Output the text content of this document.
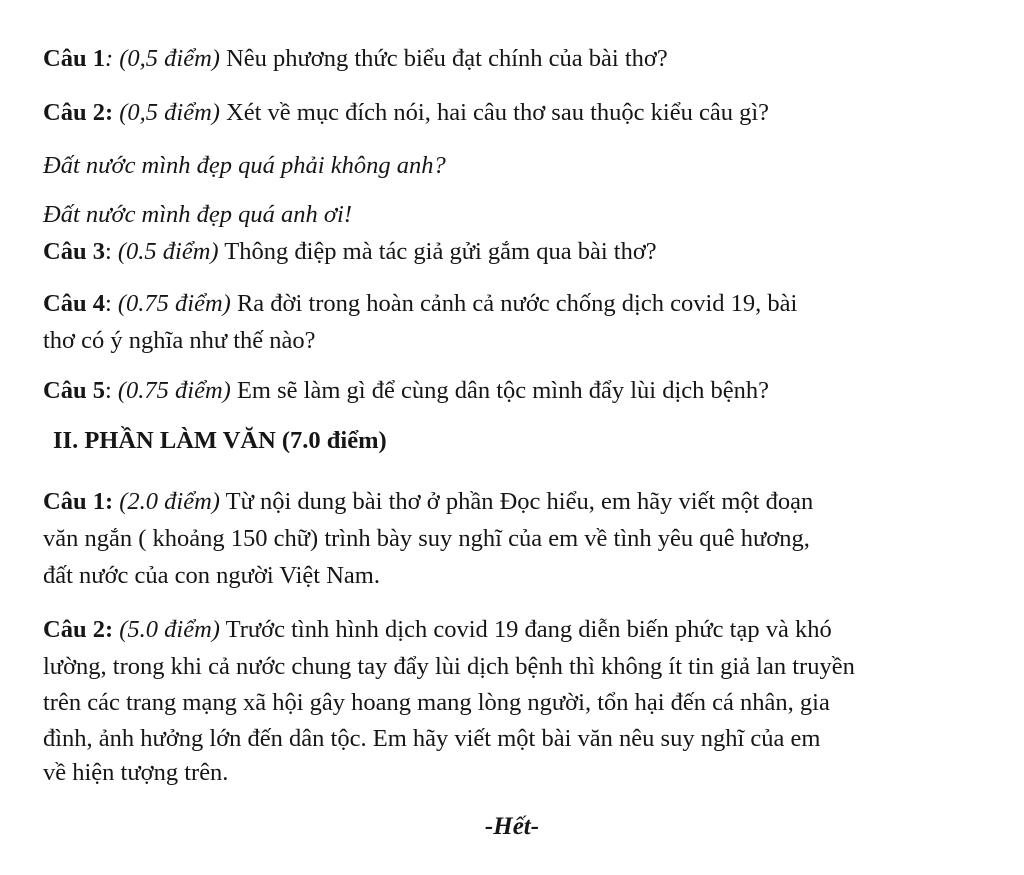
Câu 1: (0,5 điểm) Nêu phương thức biểu đạt chính của bài thơ?
Câu 2: (0,5 điểm) Xét về mục đích nói, hai câu thơ sau thuộc kiểu câu gì?
Đất nước mình đẹp quá phải không anh?
Đất nước mình đẹp quá anh ơi!
Câu 3: (0.5 điểm) Thông điệp mà tác giả gửi gắm qua bài thơ?
Câu 4: (0.75 điểm) Ra đời trong hoàn cảnh cả nước chống dịch covid 19, bài
thơ có ý nghĩa như thế nào?
Câu 5: (0.75 điểm) Em sẽ làm gì để cùng dân tộc mình đẩy lùi dịch bệnh?
II. PHẦN LÀM VĂN (7.0 điểm)
Câu 1: (2.0 điểm) Từ nội dung bài thơ ở phần Đọc hiểu, em hãy viết một đoạn
văn ngắn ( khoảng 150 chữ) trình bày suy nghĩ của em về tình yêu quê hương,
đất nước của con người Việt Nam.
Câu 2: (5.0 điểm) Trước tình hình dịch covid 19 đang diễn biến phức tạp và khó
lường, trong khi cả nước chung tay đẩy lùi dịch bệnh thì không ít tin giả lan truyền
trên các trang mạng xã hội gây hoang mang lòng người, tổn hại đến cá nhân, gia
đình, ảnh hưởng lớn đến dân tộc. Em hãy viết một bài văn nêu suy nghĩ của em
về hiện tượng trên.
-Hết-
